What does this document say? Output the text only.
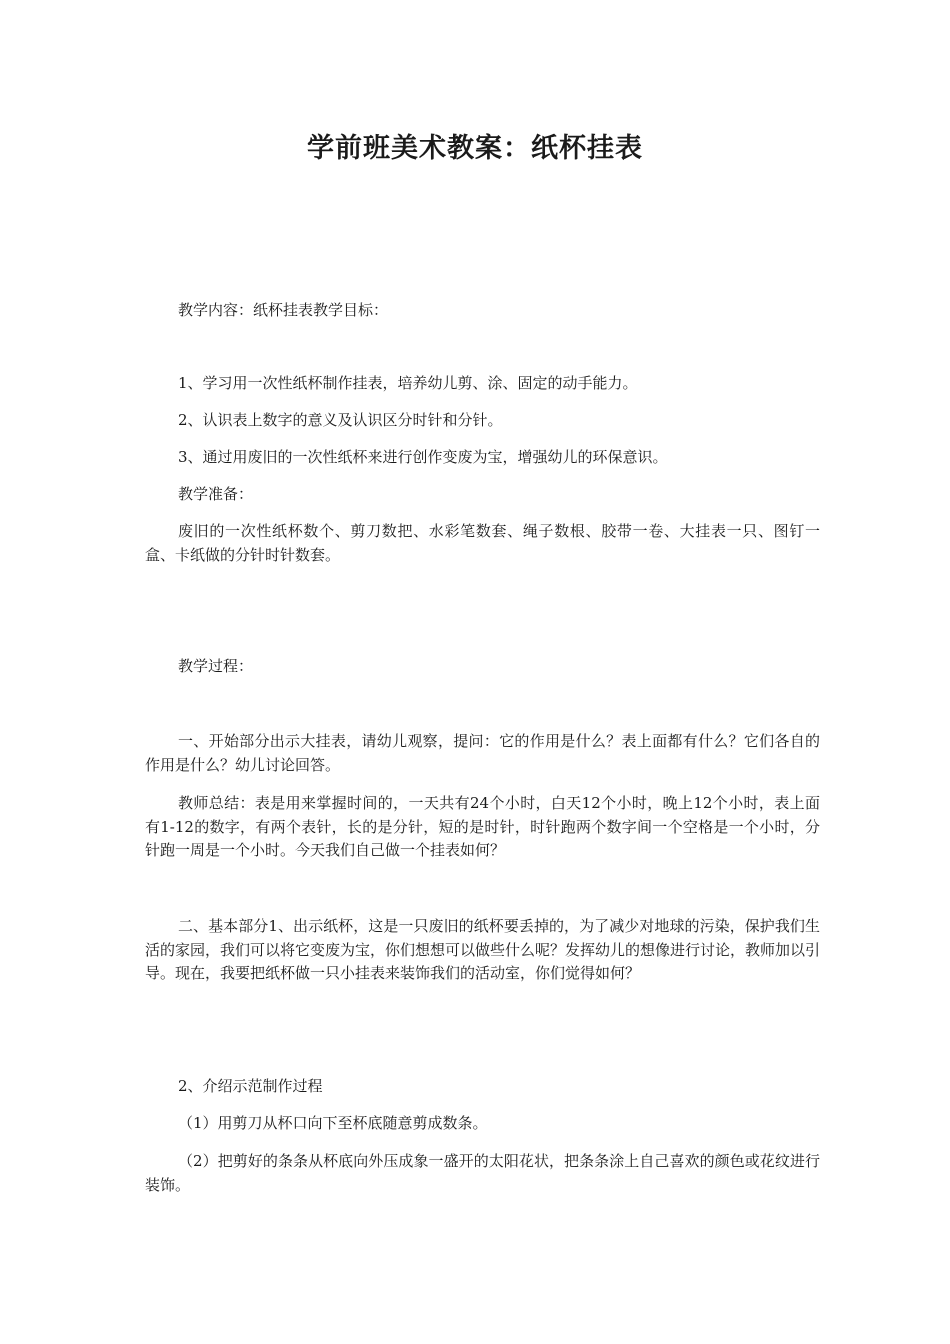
学前班美术教案：纸杯挂表

教学内容：纸杯挂表教学目标：

1、学习用一次性纸杯制作挂表，培养幼儿剪、涂、固定的动手能力。

2、认识表上数字的意义及认识区分时针和分针。

3、通过用废旧的一次性纸杯来进行创作变废为宝，增强幼儿的环保意识。

教学准备：

废旧的一次性纸杯数个、剪刀数把、水彩笔数套、绳子数根、胶带一卷、大挂表一只、图钉一盒、卡纸做的分针时针数套。

教学过程：

一、开始部分出示大挂表，请幼儿观察，提问：它的作用是什么？表上面都有什么？它们各自的作用是什么？幼儿讨论回答。

教师总结：表是用来掌握时间的，一天共有24个小时，白天12个小时，晚上12个小时，表上面有1-12的数字，有两个表针，长的是分针，短的是时针，时针跑两个数字间一个空格是一个小时，分针跑一周是一个小时。今天我们自己做一个挂表如何？

二、基本部分1、出示纸杯，这是一只废旧的纸杯要丢掉的，为了减少对地球的污染，保护我们生活的家园，我们可以将它变废为宝，你们想想可以做些什么呢？发挥幼儿的想像进行讨论，教师加以引导。现在，我要把纸杯做一只小挂表来装饰我们的活动室，你们觉得如何？

2、介绍示范制作过程

（1）用剪刀从杯口向下至杯底随意剪成数条。

（2）把剪好的条条从杯底向外压成象一盛开的太阳花状，把条条涂上自己喜欢的颜色或花纹进行装饰。
